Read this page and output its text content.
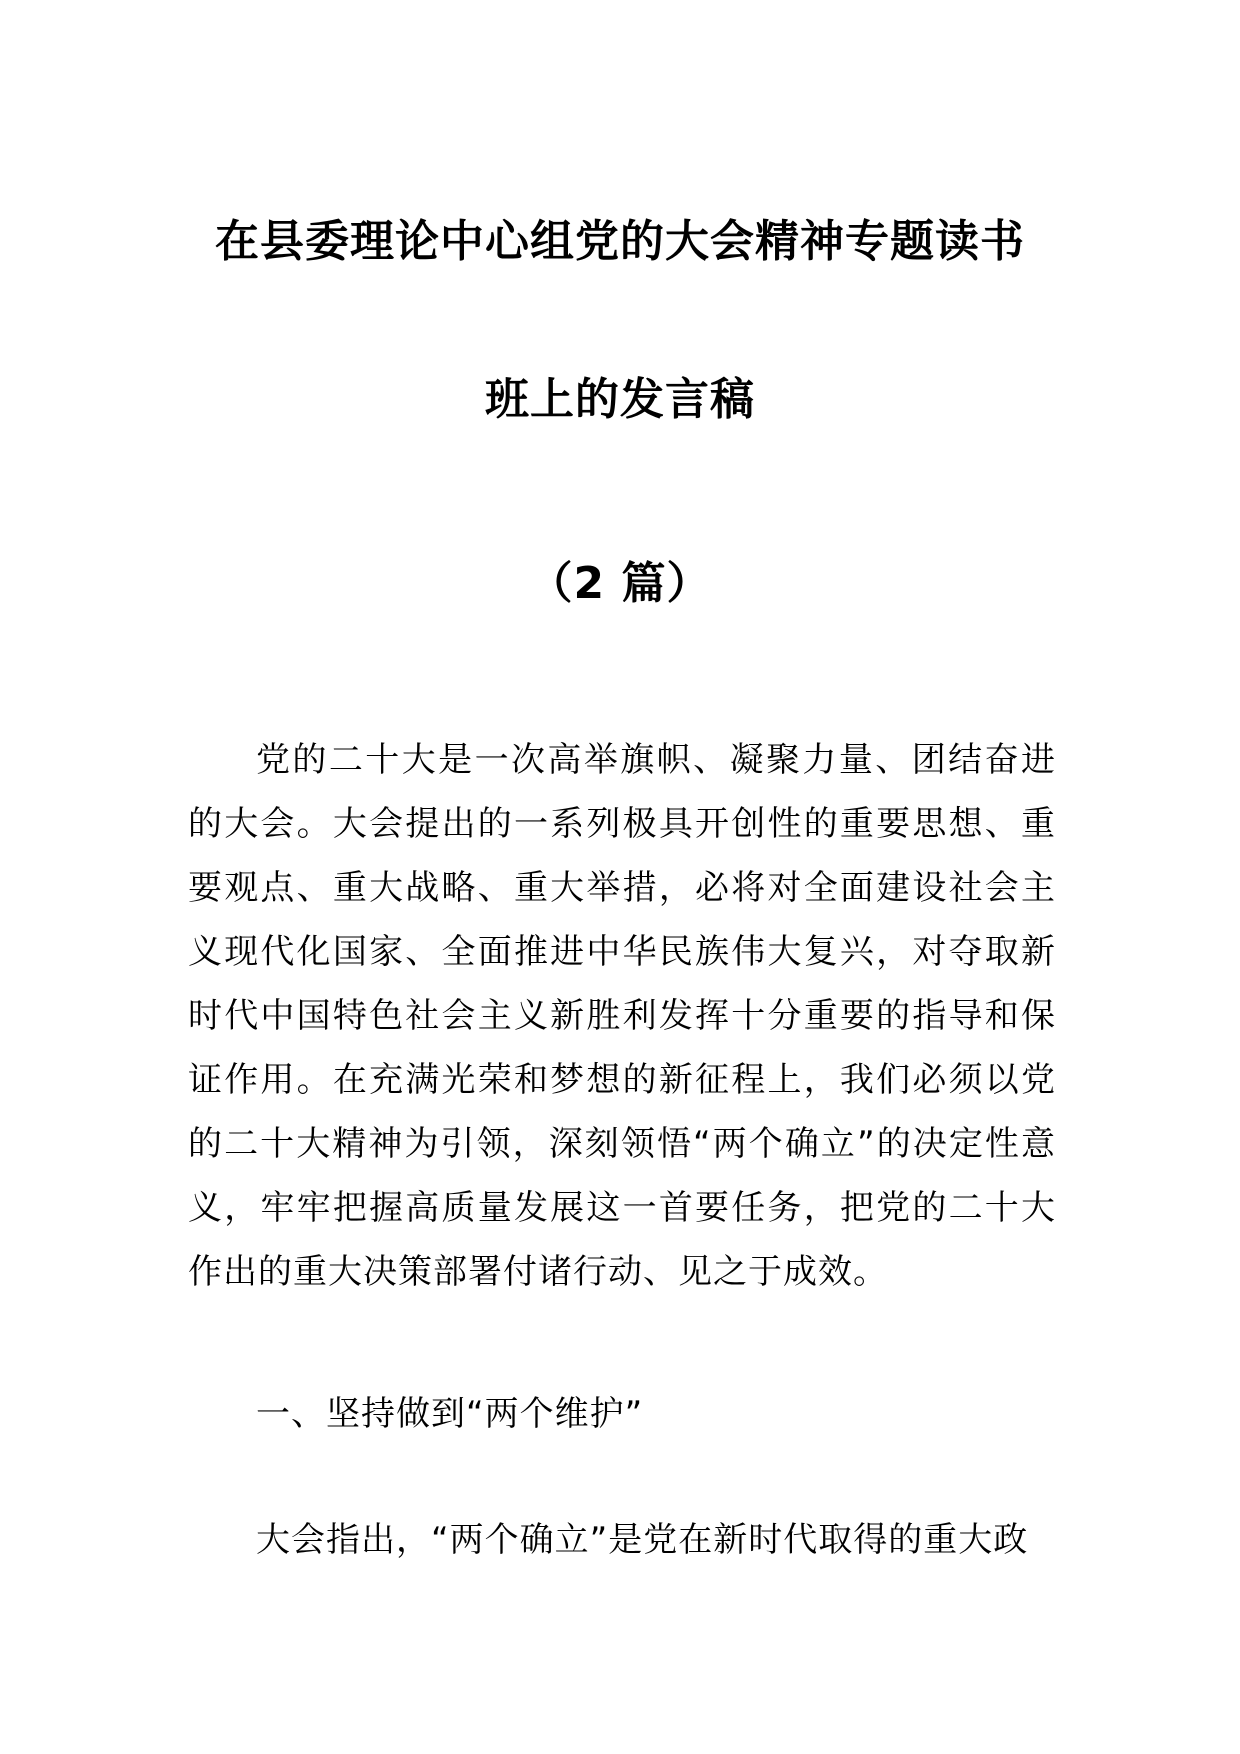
在县委理论中心组党的大会精神专题读书
班上的发言稿
（2 篇）
党的二十大是一次高举旗帜、凝聚力量、团结奋进的大会。大会提出的一系列极具开创性的重要思想、重要观点、重大战略、重大举措，必将对全面建设社会主义现代化国家、全面推进中华民族伟大复兴，对夺取新时代中国特色社会主义新胜利发挥十分重要的指导和保证作用。在充满光荣和梦想的新征程上，我们必须以党的二十大精神为引领，深刻领悟“两个确立”的决定性意义，牢牢把握高质量发展这一首要任务，把党的二十大作出的重大决策部署付诸行动、见之于成效。
一、坚持做到“两个维护”
大会指出，“两个确立”是党在新时代取得的重大政
